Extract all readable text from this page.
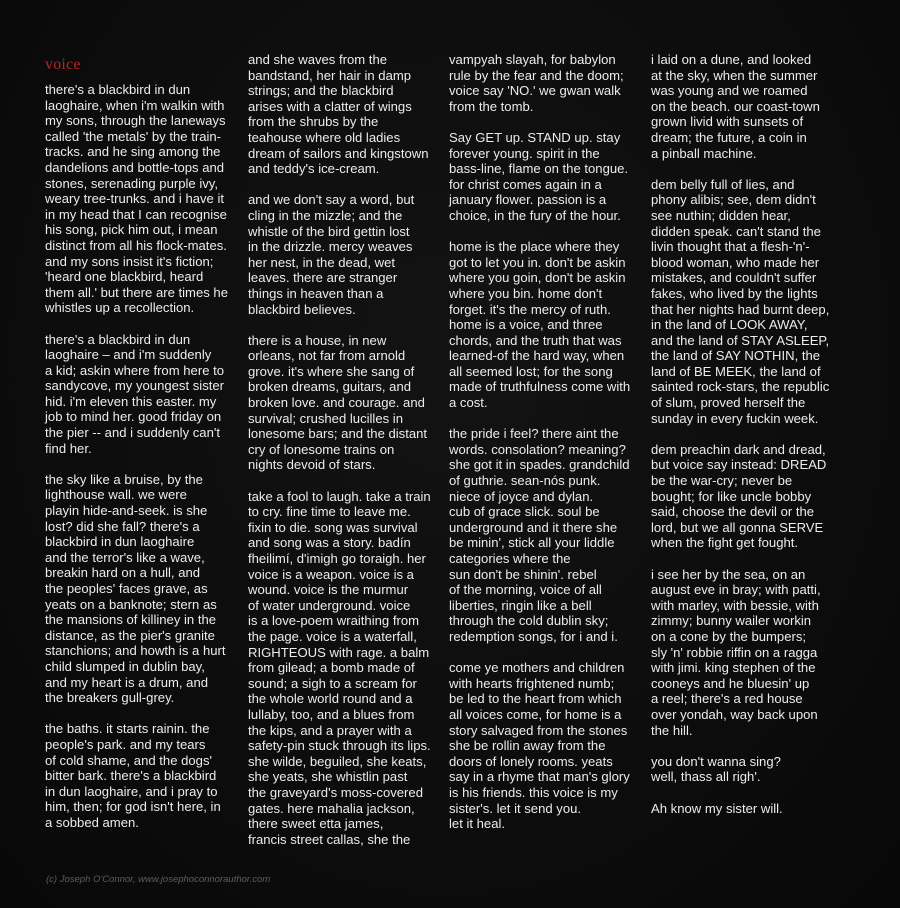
voice

there's a blackbird in dun
laoghaire, when i'm walkin with
my sons, through the laneways
called 'the metals' by the train-
tracks. and he sing among the
dandelions and bottle-tops and
stones, serenading purple ivy,
weary tree-trunks. and i have it
in my head that I can recognise
his song, pick him out, i mean
distinct from all his flock-mates.
and my sons insist it's fiction;
'heard one blackbird, heard
them all.' but there are times he
whistles up a recollection.

there's a blackbird in dun
laoghaire – and i'm suddenly
a kid; askin where from here to
sandycove, my youngest sister
hid. i'm eleven this easter. my
job to mind her. good friday on
the pier -- and i suddenly can't
find her.

the sky like a bruise, by the
lighthouse wall. we were
playin hide-and-seek. is she
lost? did she fall? there's a
blackbird in dun laoghaire
and the terror's like a wave,
breakin hard on a hull, and
the peoples' faces grave, as
yeats on a banknote; stern as
the mansions of killiney in the
distance, as the pier's granite
stanchions; and howth is a hurt
child slumped in dublin bay,
and my heart is a drum, and
the breakers gull-grey.

the baths. it starts rainin. the
people's park. and my tears
of cold shame, and the dogs'
bitter bark. there's a blackbird
in dun laoghaire, and i pray to
him, then; for god isn't here, in
a sobbed amen.

and she waves from the
bandstand, her hair in damp
strings; and the blackbird
arises with a clatter of wings
from the shrubs by the
teahouse where old ladies
dream of sailors and kingstown
and teddy's ice-cream.

and we don't say a word, but
cling in the mizzle; and the
whistle of the bird gettin lost
in the drizzle. mercy weaves
her nest, in the dead, wet
leaves. there are stranger
things in heaven than a
blackbird believes.

there is a house, in new
orleans, not far from arnold
grove. it's where she sang of
broken dreams, guitars, and
broken love. and courage. and
survival; crushed lucilles in
lonesome bars; and the distant
cry of lonesome trains on
nights devoid of stars.

take a fool to laugh. take a train
to cry. fine time to leave me.
fixin to die. song was survival
and song was a story. badín
fheilimí, d'imigh go toraigh. her
voice is a weapon. voice is a
wound. voice is the murmur
of water underground. voice
is a love-poem wraithing from
the page. voice is a waterfall,
RIGHTEOUS with rage. a balm
from gilead; a bomb made of
sound; a sigh to a scream for
the whole world round and a
lullaby, too, and a blues from
the kips, and a prayer with a
safety-pin stuck through its lips.
she wilde, beguiled, she keats,
she yeats, she whistlin past
the graveyard's moss-covered
gates. here mahalia jackson,
there sweet etta james,
francis street callas, she the

vampyah slayah, for babylon
rule by the fear and the doom;
voice say 'NO.' we gwan walk
from the tomb.

Say GET up. STAND up. stay
forever young. spirit in the
bass-line, flame on the tongue.
for christ comes again in a
january flower. passion is a
choice, in the fury of the hour.

home is the place where they
got to let you in. don't be askin
where you goin, don't be askin
where you bin. home don't
forget. it's the mercy of ruth.
home is a voice, and three
chords, and the truth that was
learned-of the hard way, when
all seemed lost; for the song
made of truthfulness come with
a cost.

the pride i feel? there aint the
words. consolation? meaning?
she got it in spades. grandchild
of guthrie. sean-nós punk.
niece of joyce and dylan.
cub of grace slick. soul be
underground and it there she
be minin', stick all your liddle
categories where the
sun don't be shinin'. rebel
of the morning, voice of all
liberties, ringin like a bell
through the cold dublin sky;
redemption songs, for i and i.

come ye mothers and children
with hearts frightened numb;
be led to the heart from which
all voices come, for home is a
story salvaged from the stones
she be rollin away from the
doors of lonely rooms. yeats
say in a rhyme that man's glory
is his friends. this voice is my
sister's. let it send you.
let it heal.

i laid on a dune, and looked
at the sky, when the summer
was young and we roamed
on the beach. our coast-town
grown livid with sunsets of
dream; the future, a coin in
a pinball machine.

dem belly full of lies, and
phony alibis; see, dem didn't
see nuthin; didden hear,
didden speak. can't stand the
livin thought that a flesh-'n'-
blood woman, who made her
mistakes, and couldn't suffer
fakes, who lived by the lights
that her nights had burnt deep,
in the land of LOOK AWAY,
and the land of STAY ASLEEP,
the land of SAY NOTHIN, the
land of BE MEEK, the land of
sainted rock-stars, the republic
of slum, proved herself the
sunday in every fuckin week.

dem preachin dark and dread,
but voice say instead: DREAD
be the war-cry; never be
bought; for like uncle bobby
said, choose the devil or the
lord, but we all gonna SERVE
when the fight get fought.

i see her by the sea, on an
august eve in bray; with patti,
with marley, with bessie, with
zimmy; bunny wailer workin
on a cone by the bumpers;
sly 'n' robbie riffin on a ragga
with jimi. king stephen of the
cooneys and he bluesin' up
a reel; there's a red house
over yondah, way back upon
the hill.

you don't wanna sing?
well, thass all righ'.

Ah know my sister will.

(c) Joseph O'Connor, www.josephoconnorauthor.com
